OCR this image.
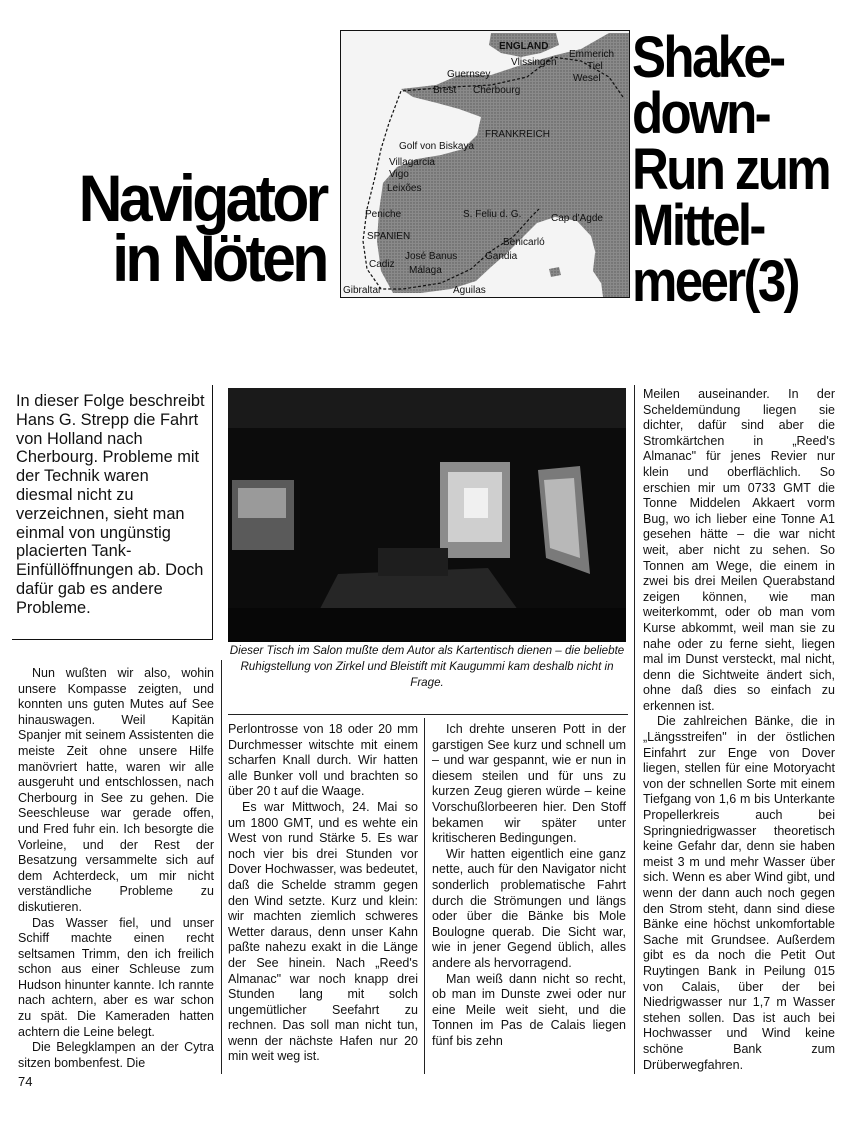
Navigator
in Nöten
ENGLAND
Vlissingen
Emmerich
Tiel
Wesel
Guernsey
Brest Cherbourg
FRANKREICH
Golf von Biskaya
Villagarcia
Vigo
Leixões
Peniche
SPANIEN
S. Feliu d. G.	Cap d'Agde
Benicarló
Gandia
José Banus
Cadiz
Málaga
Gibraltar	Aguilas
Shake-
down-
Run zum
Mittel-
meer(3)
In dieser Folge beschreibt Hans G. Strepp die Fahrt von Holland nach Cherbourg. Probleme mit der Technik waren diesmal nicht zu verzeichnen, sieht man einmal von ungünstig placierten Tank-Einfüllöffnungen ab. Doch dafür gab es andere Probleme.
Dieser Tisch im Salon mußte dem Autor als Kartentisch dienen – die beliebte Ruhigstellung von Zirkel und Bleistift mit Kaugummi kam deshalb nicht in Frage.

Nun wußten wir also, wohin unsere Kompasse zeigten, und konnten uns guten Mutes auf See hinauswagen. Weil Kapitän Spanjer mit seinem Assistenten die meiste Zeit ohne unsere Hilfe manövriert hatte, waren wir alle ausgeruht und entschlossen, nach Cherbourg in See zu gehen. Die Seeschleuse war gerade offen, und Fred fuhr ein. Ich besorgte die Vorleine, und der Rest der Besatzung versammelte sich auf dem Achterdeck, um mir nicht verständliche Probleme zu diskutieren.

Das Wasser fiel, und unser Schiff machte einen recht seltsamen Trimm, den ich freilich schon aus einer Schleuse zum Hudson hinunter kannte. Ich rannte nach achtern, aber es war schon zu spät. Die Kameraden hatten achtern die Leine belegt.

Die Belegklampen an der Cytra sitzen bombenfest. Die

Perlontrosse von 18 oder 20 mm Durchmesser witschte mit einem scharfen Knall durch. Wir hatten alle Bunker voll und brachten so über 20 t auf die Waage.

Es war Mittwoch, 24. Mai so um 1800 GMT, und es wehte ein West von rund Stärke 5. Es war noch vier bis drei Stunden vor Dover Hochwasser, was bedeutet, daß die Schelde stramm gegen den Wind setzte. Kurz und klein: wir machten ziemlich schweres Wetter daraus, denn unser Kahn paßte nahezu exakt in die Länge der See hinein. Nach „Reed's Almanac" war noch knapp drei Stunden lang mit solch ungemütlicher Seefahrt zu rechnen. Das soll man nicht tun, wenn der nächste Hafen nur 20 min weit weg ist.

Ich drehte unseren Pott in der garstigen See kurz und schnell um – und war gespannt, wie er nun in diesem steilen und für uns zu kurzen Zeug gieren würde – keine Vorschußlorbeeren hier. Den Stoff bekamen wir später unter kritischeren Bedingungen.

Wir hatten eigentlich eine ganz nette, auch für den Navigator nicht sonderlich problematische Fahrt durch die Strömungen und längs oder über die Bänke bis Mole Boulogne querab. Die Sicht war, wie in jener Gegend üblich, alles andere als hervorragend.

Man weiß dann nicht so recht, ob man im Dunste zwei oder nur eine Meile weit sieht, und die Tonnen im Pas de Calais liegen fünf bis zehn

Meilen auseinander. In der Scheldemündung liegen sie dichter, dafür sind aber die Stromkärtchen in „Reed's Almanac" für jenes Revier nur klein und oberflächlich. So erschien mir um 0733 GMT die Tonne Middelen Akkaert vorm Bug, wo ich lieber eine Tonne A1 gesehen hätte – die war nicht weit, aber nicht zu sehen. So Tonnen am Wege, die einem in zwei bis drei Meilen Querabstand zeigen können, wie man weiterkommt, oder ob man vom Kurse abkommt, weil man sie zu nahe oder zu ferne sieht, liegen mal im Dunst versteckt, mal nicht, denn die Sichtweite ändert sich, ohne daß dies so einfach zu erkennen ist.

Die zahlreichen Bänke, die in „Längsstreifen" in der östlichen Einfahrt zur Enge von Dover liegen, stellen für eine Motoryacht von der schnellen Sorte mit einem Tiefgang von 1,6 m bis Unterkante Propellerkreis auch bei Springniedrigwasser theoretisch keine Gefahr dar, denn sie haben meist 3 m und mehr Wasser über sich. Wenn es aber Wind gibt, und wenn der dann auch noch gegen den Strom steht, dann sind diese Bänke eine höchst unkomfortable Sache mit Grundsee. Außerdem gibt es da noch die Petit Out Ruytingen Bank in Peilung 015 von Calais, über der bei Niedrigwasser nur 1,7 m Wasser stehen sollen. Das ist auch bei Hochwasser und Wind keine schöne Bank zum Drüberwegfahren.

74
